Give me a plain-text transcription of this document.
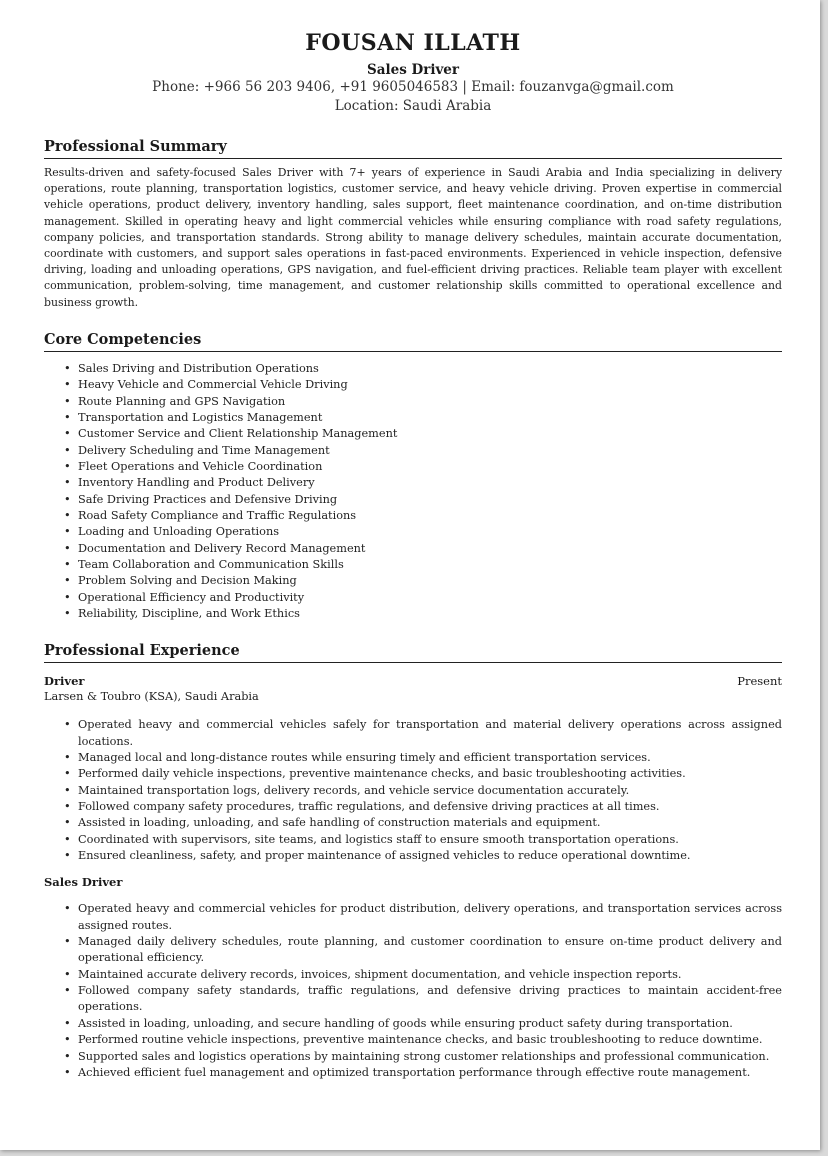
FOUSAN ILLATH
Sales Driver
Phone: +966 56 203 9406, +91 9605046583 | Email: fouzanvga@gmail.com
Location: Saudi Arabia
Professional Summary

Results-driven and safety-focused Sales Driver with 7+ years of experience in Saudi Arabia and India specializing in delivery operations, route planning, transportation logistics, customer service, and heavy vehicle driving. Proven expertise in commercial vehicle operations, product delivery, inventory handling, sales support, fleet maintenance coordination, and on-time distribution management. Skilled in operating heavy and light commercial vehicles while ensuring compliance with road safety regulations, company policies, and transportation standards. Strong ability to manage delivery schedules, maintain accurate documentation, coordinate with customers, and support sales operations in fast-paced environments. Experienced in vehicle inspection, defensive driving, loading and unloading operations, GPS navigation, and fuel-efficient driving practices. Reliable team player with excellent communication, problem-solving, time management, and customer relationship skills committed to operational excellence and business growth.

Core Competencies
• Sales Driving and Distribution Operations
• Heavy Vehicle and Commercial Vehicle Driving
• Route Planning and GPS Navigation
• Transportation and Logistics Management
• Customer Service and Client Relationship Management
• Delivery Scheduling and Time Management
• Fleet Operations and Vehicle Coordination
• Inventory Handling and Product Delivery
• Safe Driving Practices and Defensive Driving
• Road Safety Compliance and Traffic Regulations
• Loading and Unloading Operations
• Documentation and Delivery Record Management
• Team Collaboration and Communication Skills
• Problem Solving and Decision Making
• Operational Efficiency and Productivity
• Reliability, Discipline, and Work Ethics
Professional Experience
Driver	Present
Larsen & Toubro (KSA), Saudi Arabia
• Operated heavy and commercial vehicles safely for transportation and material delivery operations across assigned locations.
• Managed local and long-distance routes while ensuring timely and efficient transportation services.
• Performed daily vehicle inspections, preventive maintenance checks, and basic troubleshooting activities.
• Maintained transportation logs, delivery records, and vehicle service documentation accurately.
• Followed company safety procedures, traffic regulations, and defensive driving practices at all times.
• Assisted in loading, unloading, and safe handling of construction materials and equipment.
• Coordinated with supervisors, site teams, and logistics staff to ensure smooth transportation operations.
• Ensured cleanliness, safety, and proper maintenance of assigned vehicles to reduce operational downtime.
Sales Driver
• Operated heavy and commercial vehicles for product distribution, delivery operations, and transportation services across assigned routes.
• Managed daily delivery schedules, route planning, and customer coordination to ensure on-time product delivery and operational efficiency.
• Maintained accurate delivery records, invoices, shipment documentation, and vehicle inspection reports.
• Followed company safety standards, traffic regulations, and defensive driving practices to maintain accident-free operations.
• Assisted in loading, unloading, and secure handling of goods while ensuring product safety during transportation.
• Performed routine vehicle inspections, preventive maintenance checks, and basic troubleshooting to reduce downtime.
• Supported sales and logistics operations by maintaining strong customer relationships and professional communication.
• Achieved efficient fuel management and optimized transportation performance through effective route management.
